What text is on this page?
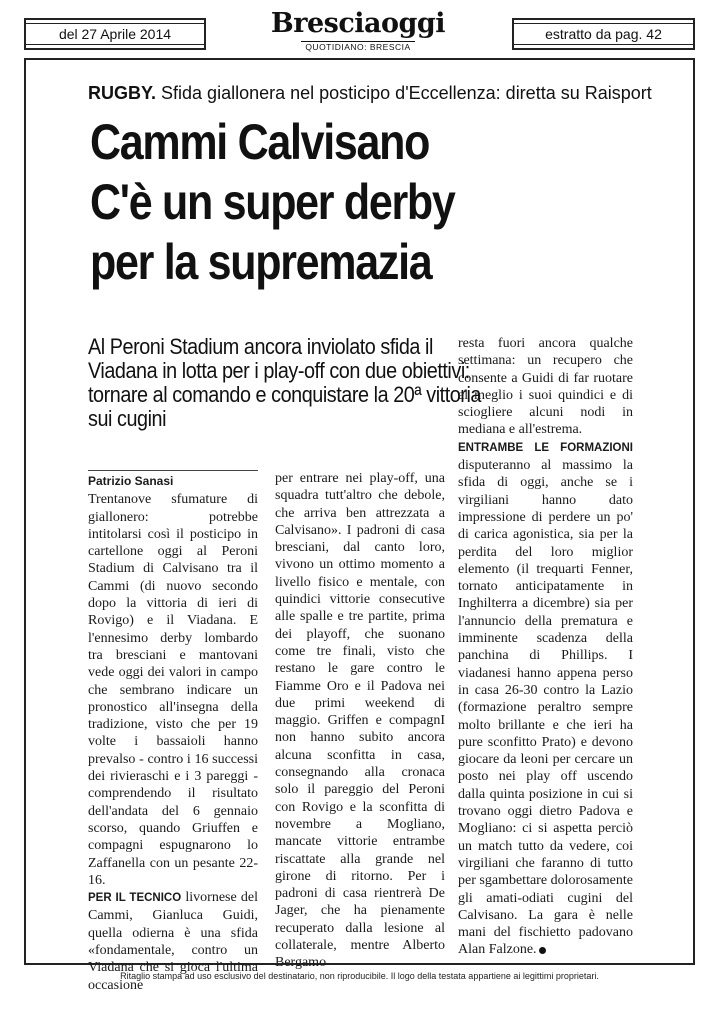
del 27 Aprile 2014	Bresciaoggi
QUOTIDIANO: BRESCIA
estratto da pag. 42
RUGBY. Sfida giallonera nel posticipo d'Eccellenza: diretta su Raisport
Cammi Calvisano
C'è un super derby
per la supremazia
Al Peroni Stadium ancora inviolato sfida il Viadana in lotta per i play-off con due obiettivi: tornare al comando e conquistare la 20ª vittoria sui cugini
Patrizio Sanasi

Trentanove sfumature di giallonero: potrebbe intitolarsi così il posticipo in cartellone oggi al Peroni Stadium di Calvisano tra il Cammi (di nuovo secondo dopo la vittoria di ieri di Rovigo) e il Viadana. E l'ennesimo derby lombardo tra bresciani e mantovani vede oggi dei valori in campo che sembrano indicare un pronostico all'insegna della tradizione, visto che per 19 volte i bassaioli hanno prevalso - contro i 16 successi dei rivieraschi e i 3 pareggi - comprendendo il risultato dell'andata del 6 gennaio scorso, quando Griuffen e compagni espugnarono lo Zaffanella con un pesante 22-16.

PER IL TECNICO livornese del Cammi, Gianluca Guidi, quella odierna è una sfida «fondamentale, contro un Viadana che si gioca l'ultima occasione

per entrare nei play-off, una squadra tutt'altro che debole, che arriva ben attrezzata a Calvisano». I padroni di casa bresciani, dal canto loro, vivono un ottimo momento a livello fisico e mentale, con quindici vittorie consecutive alle spalle e tre partite, prima dei playoff, che suonano come tre finali, visto che restano le gare contro le Fiamme Oro e il Padova nei due primi weekend di maggio. Griffen e compagnI non hanno subito ancora alcuna sconfitta in casa, consegnando alla cronaca solo il pareggio del Peroni con Rovigo e la sconfitta di novembre a Mogliano, mancate vittorie entrambe riscattate alla grande nel girone di ritorno. Per i padroni di casa rientrerà De Jager, che ha pienamente recuperato dalla lesione al collaterale, mentre Alberto Bergamo

resta fuori ancora qualche settimana: un recupero che consente a Guidi di far ruotare al meglio i suoi quindici e di sciogliere alcuni nodi in mediana e all'estrema.

ENTRAMBE LE FORMAZIONI disputeranno al massimo la sfida di oggi, anche se i virgiliani hanno dato impressione di perdere un po' di carica agonistica, sia per la perdita del loro miglior elemento (il trequarti Fenner, tornato anticipatamente in Inghilterra a dicembre) sia per l'annuncio della prematura e imminente scadenza della panchina di Phillips. I viadanesi hanno appena perso in casa 26-30 contro la Lazio (formazione peraltro sempre molto brillante e che ieri ha pure sconfitto Prato) e devono giocare da leoni per cercare un posto nei play off uscendo dalla quinta posizione in cui si trovano oggi dietro Padova e Mogliano: ci si aspetta perciò un match tutto da vedere, coi virgiliani che faranno di tutto per sgambettare dolorosamente gli amati-odiati cugini del Calvisano. La gara è nelle mani del fischietto padovano Alan Falzone.

Ritaglio stampa ad uso esclusivo del destinatario, non riproducibile. Il logo della testata appartiene ai legittimi proprietari.
